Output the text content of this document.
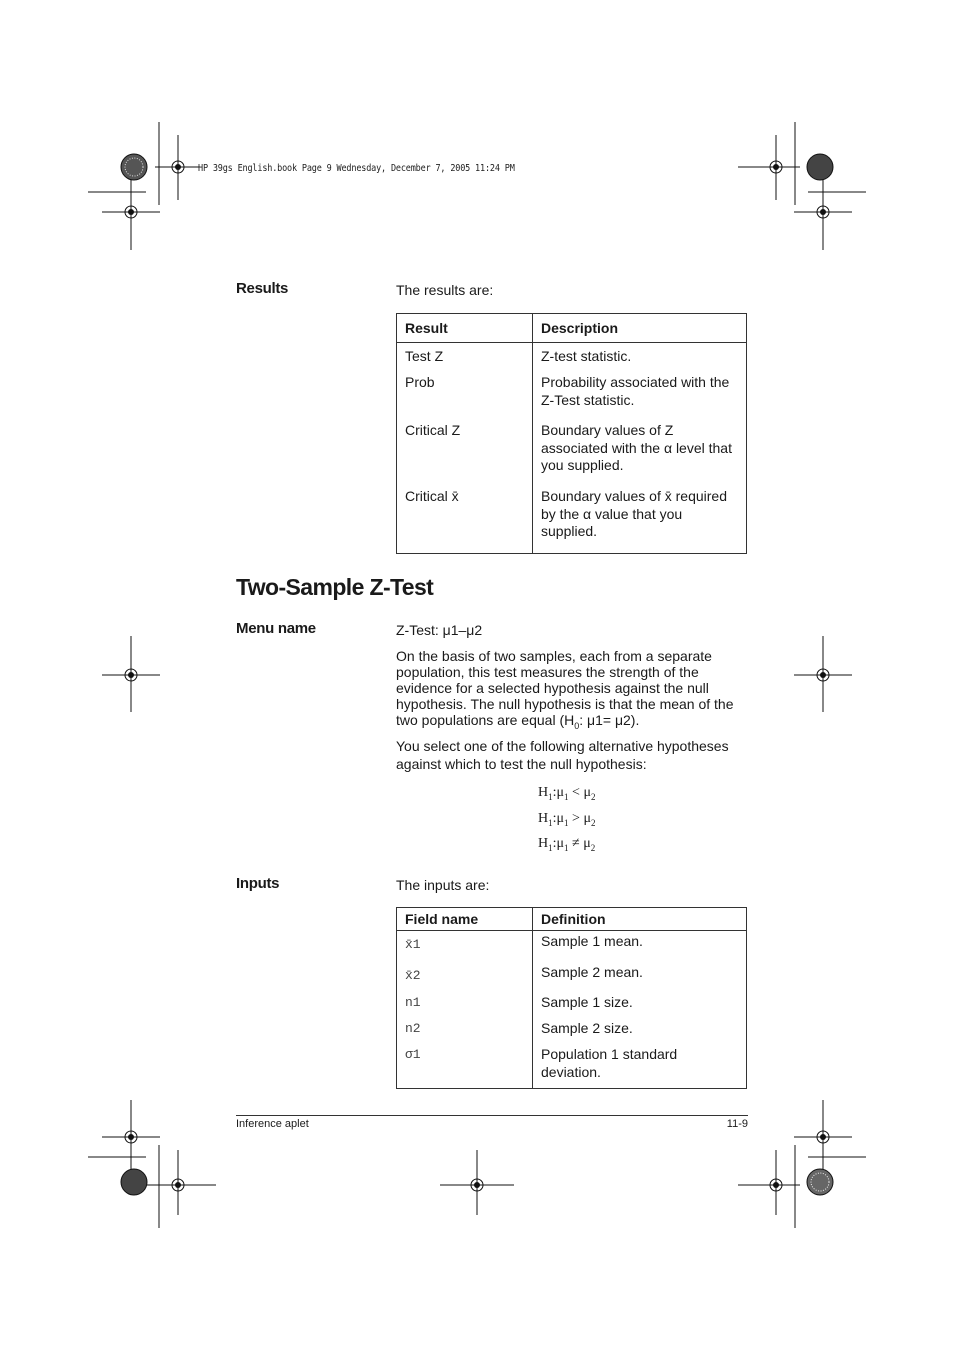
HP 39gs English.book Page 9 Wednesday, December 7, 2005 11:24 PM
Results	The results are:
Result	Description
Test Z	Z-test statistic.
Prob	Probability associated with the Z-Test statistic.
Critical Z	Boundary values of Z associated with the α level that you supplied.
Critical x̄	Boundary values of x̄ required by the α value that you supplied.
Two-Sample Z-Test
Menu name	Z-Test: μ1–μ2
On the basis of two samples, each from a separate population, this test measures the strength of the evidence for a selected hypothesis against the null hypothesis. The null hypothesis is that the mean of the two populations are equal ($H_0$: μ1= μ2).
You select one of the following alternative hypotheses against which to test the null hypothesis:
$H_1:\mu_1 < \mu_2$
$H_1:\mu_1 > \mu_2$
$H_1:\mu_1 \ne \mu_2$
Inputs	The inputs are:
Field name	Definition
x̄1	Sample 1 mean.
x̄2	Sample 2 mean.
n1	Sample 1 size.
n2	Sample 2 size.
σ1	Population 1 standard deviation.
Inference aplet	11-9
